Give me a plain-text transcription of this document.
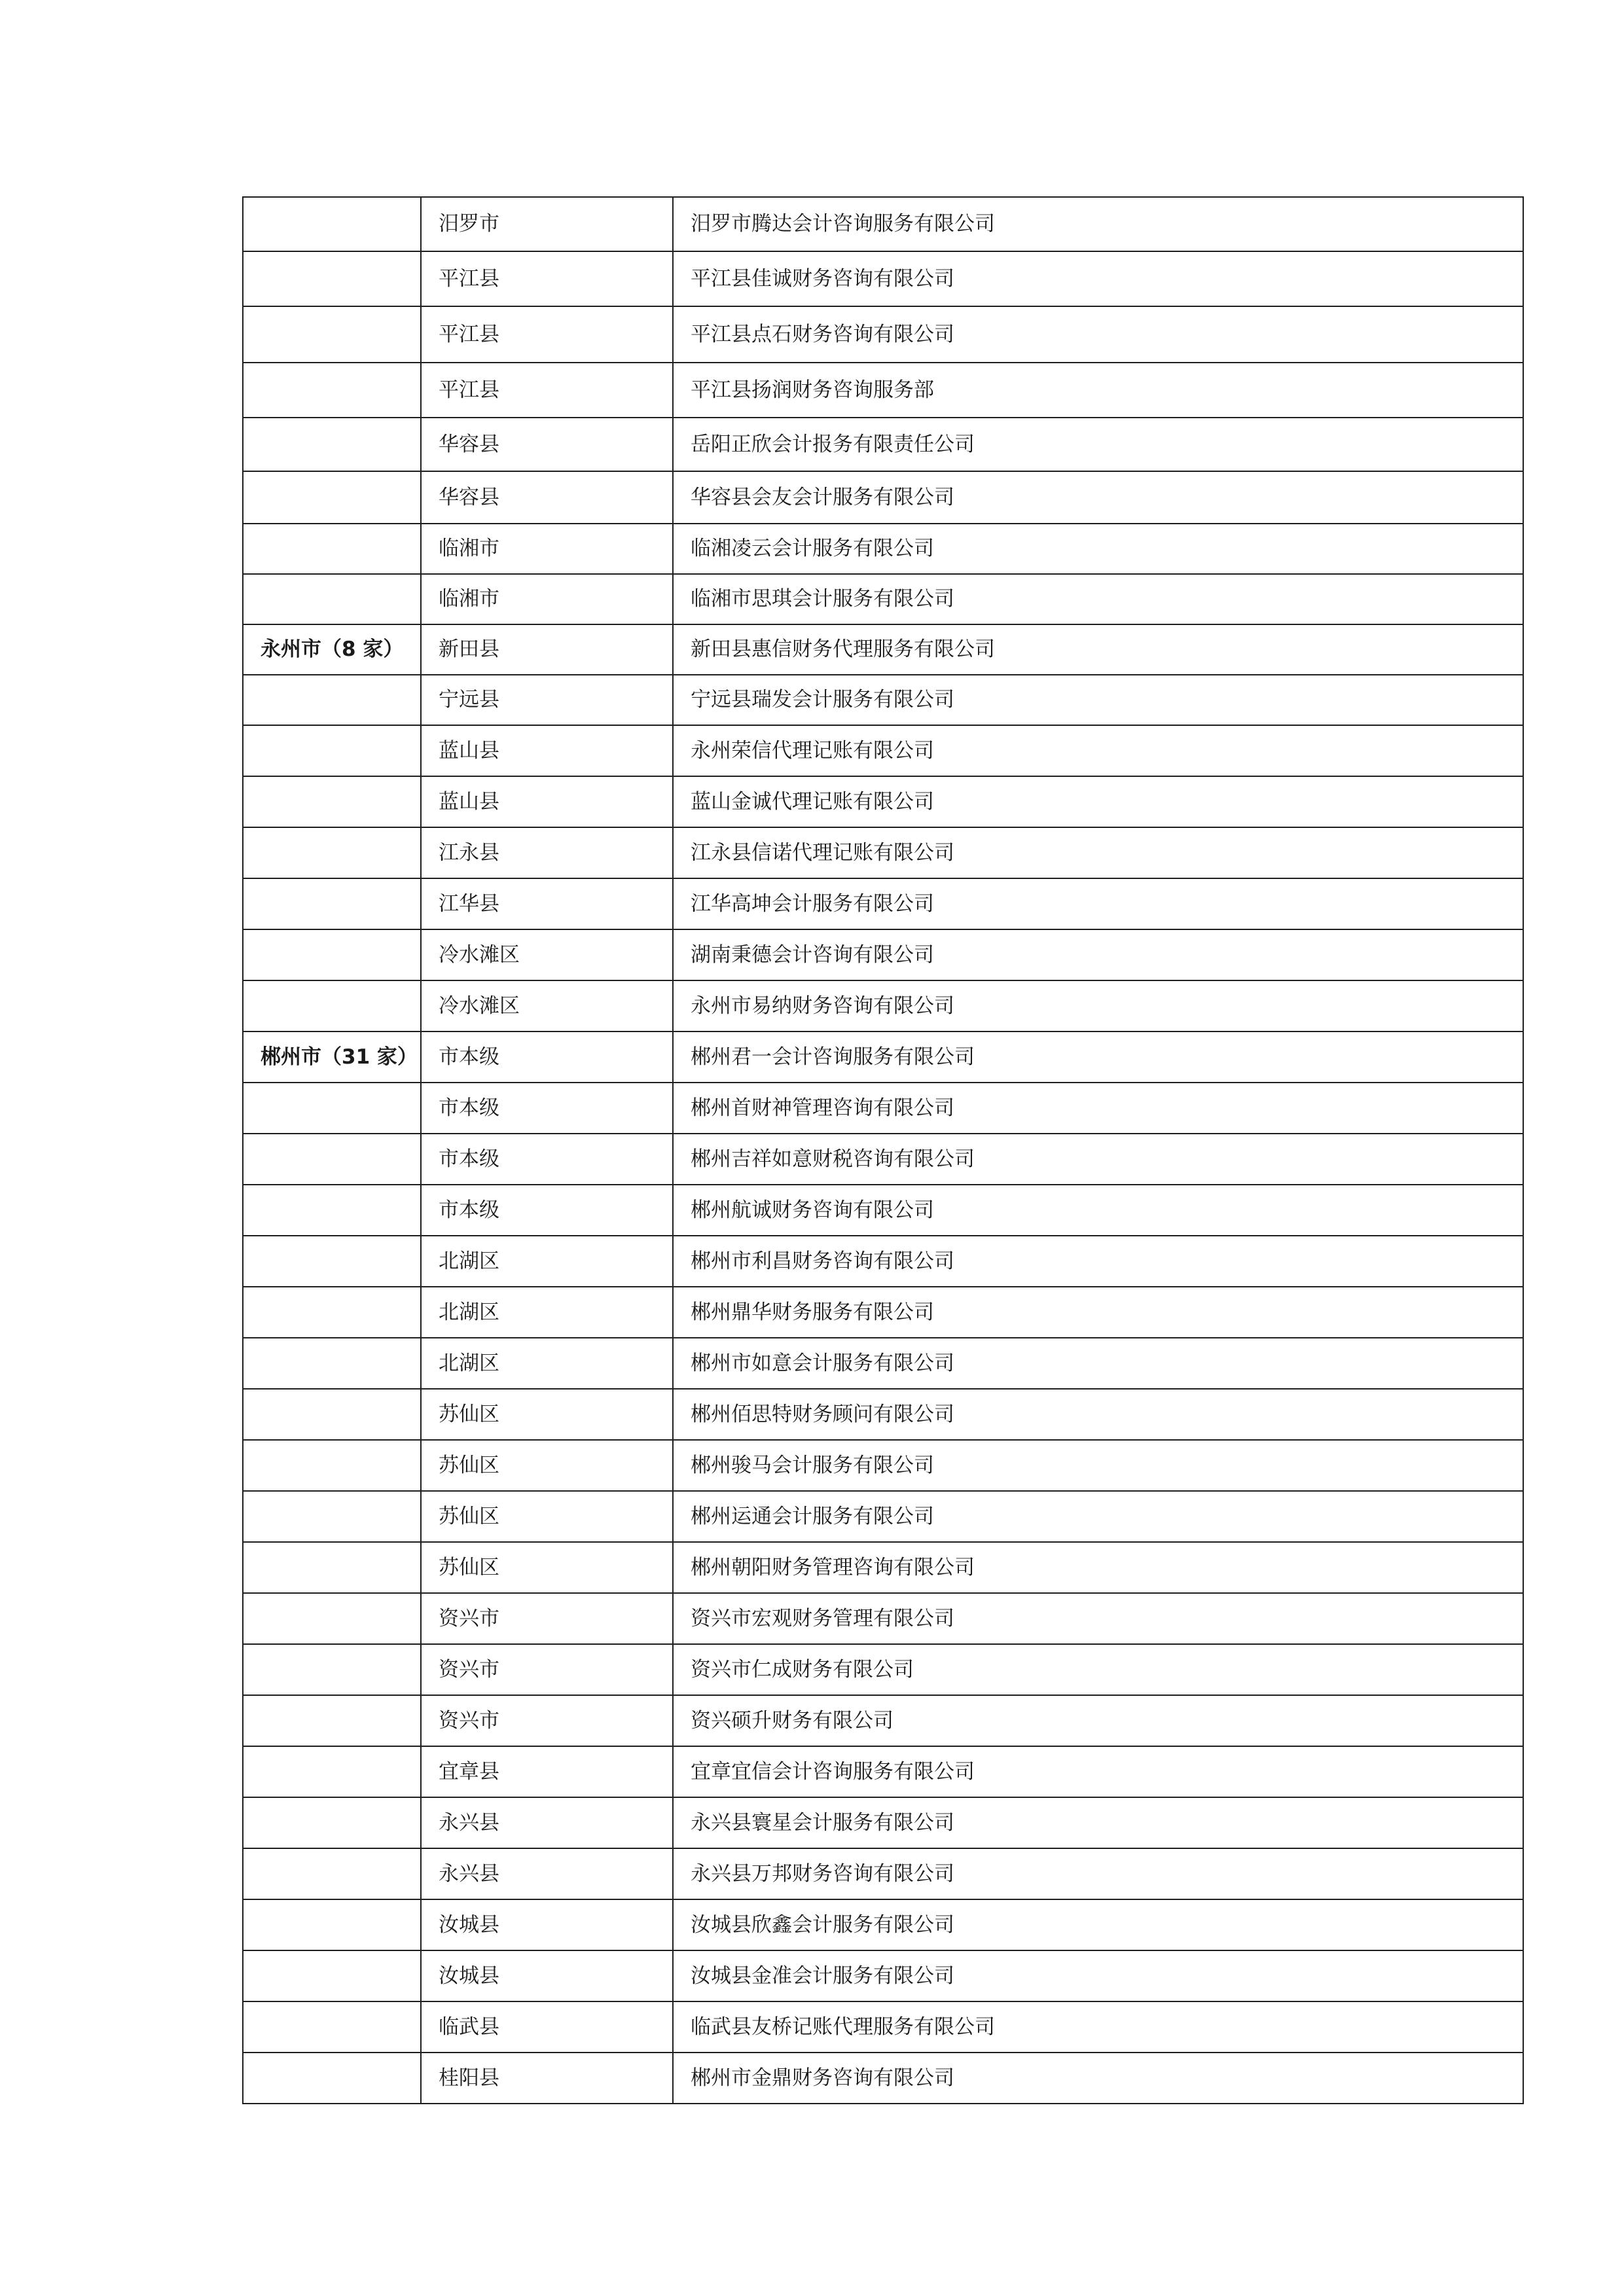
	汨罗市	汨罗市腾达会计咨询服务有限公司
	平江县	平江县佳诚财务咨询有限公司
	平江县	平江县点石财务咨询有限公司
	平江县	平江县扬润财务咨询服务部
	华容县	岳阳正欣会计报务有限责任公司
	华容县	华容县会友会计服务有限公司
	临湘市	临湘凌云会计服务有限公司
	临湘市	临湘市思琪会计服务有限公司
永州市（8 家）	新田县	新田县惠信财务代理服务有限公司
	宁远县	宁远县瑞发会计服务有限公司
	蓝山县	永州荣信代理记账有限公司
	蓝山县	蓝山金诚代理记账有限公司
	江永县	江永县信诺代理记账有限公司
	江华县	江华高坤会计服务有限公司
	冷水滩区	湖南秉德会计咨询有限公司
	冷水滩区	永州市易纳财务咨询有限公司
郴州市（31 家）	市本级	郴州君一会计咨询服务有限公司
	市本级	郴州首财神管理咨询有限公司
	市本级	郴州吉祥如意财税咨询有限公司
	市本级	郴州航诚财务咨询有限公司
	北湖区	郴州市利昌财务咨询有限公司
	北湖区	郴州鼎华财务服务有限公司
	北湖区	郴州市如意会计服务有限公司
	苏仙区	郴州佰思特财务顾问有限公司
	苏仙区	郴州骏马会计服务有限公司
	苏仙区	郴州运通会计服务有限公司
	苏仙区	郴州朝阳财务管理咨询有限公司
	资兴市	资兴市宏观财务管理有限公司
	资兴市	资兴市仁成财务有限公司
	资兴市	资兴硕升财务有限公司
	宜章县	宜章宜信会计咨询服务有限公司
	永兴县	永兴县寰星会计服务有限公司
	永兴县	永兴县万邦财务咨询有限公司
	汝城县	汝城县欣鑫会计服务有限公司
	汝城县	汝城县金准会计服务有限公司
	临武县	临武县友桥记账代理服务有限公司
	桂阳县	郴州市金鼎财务咨询有限公司
